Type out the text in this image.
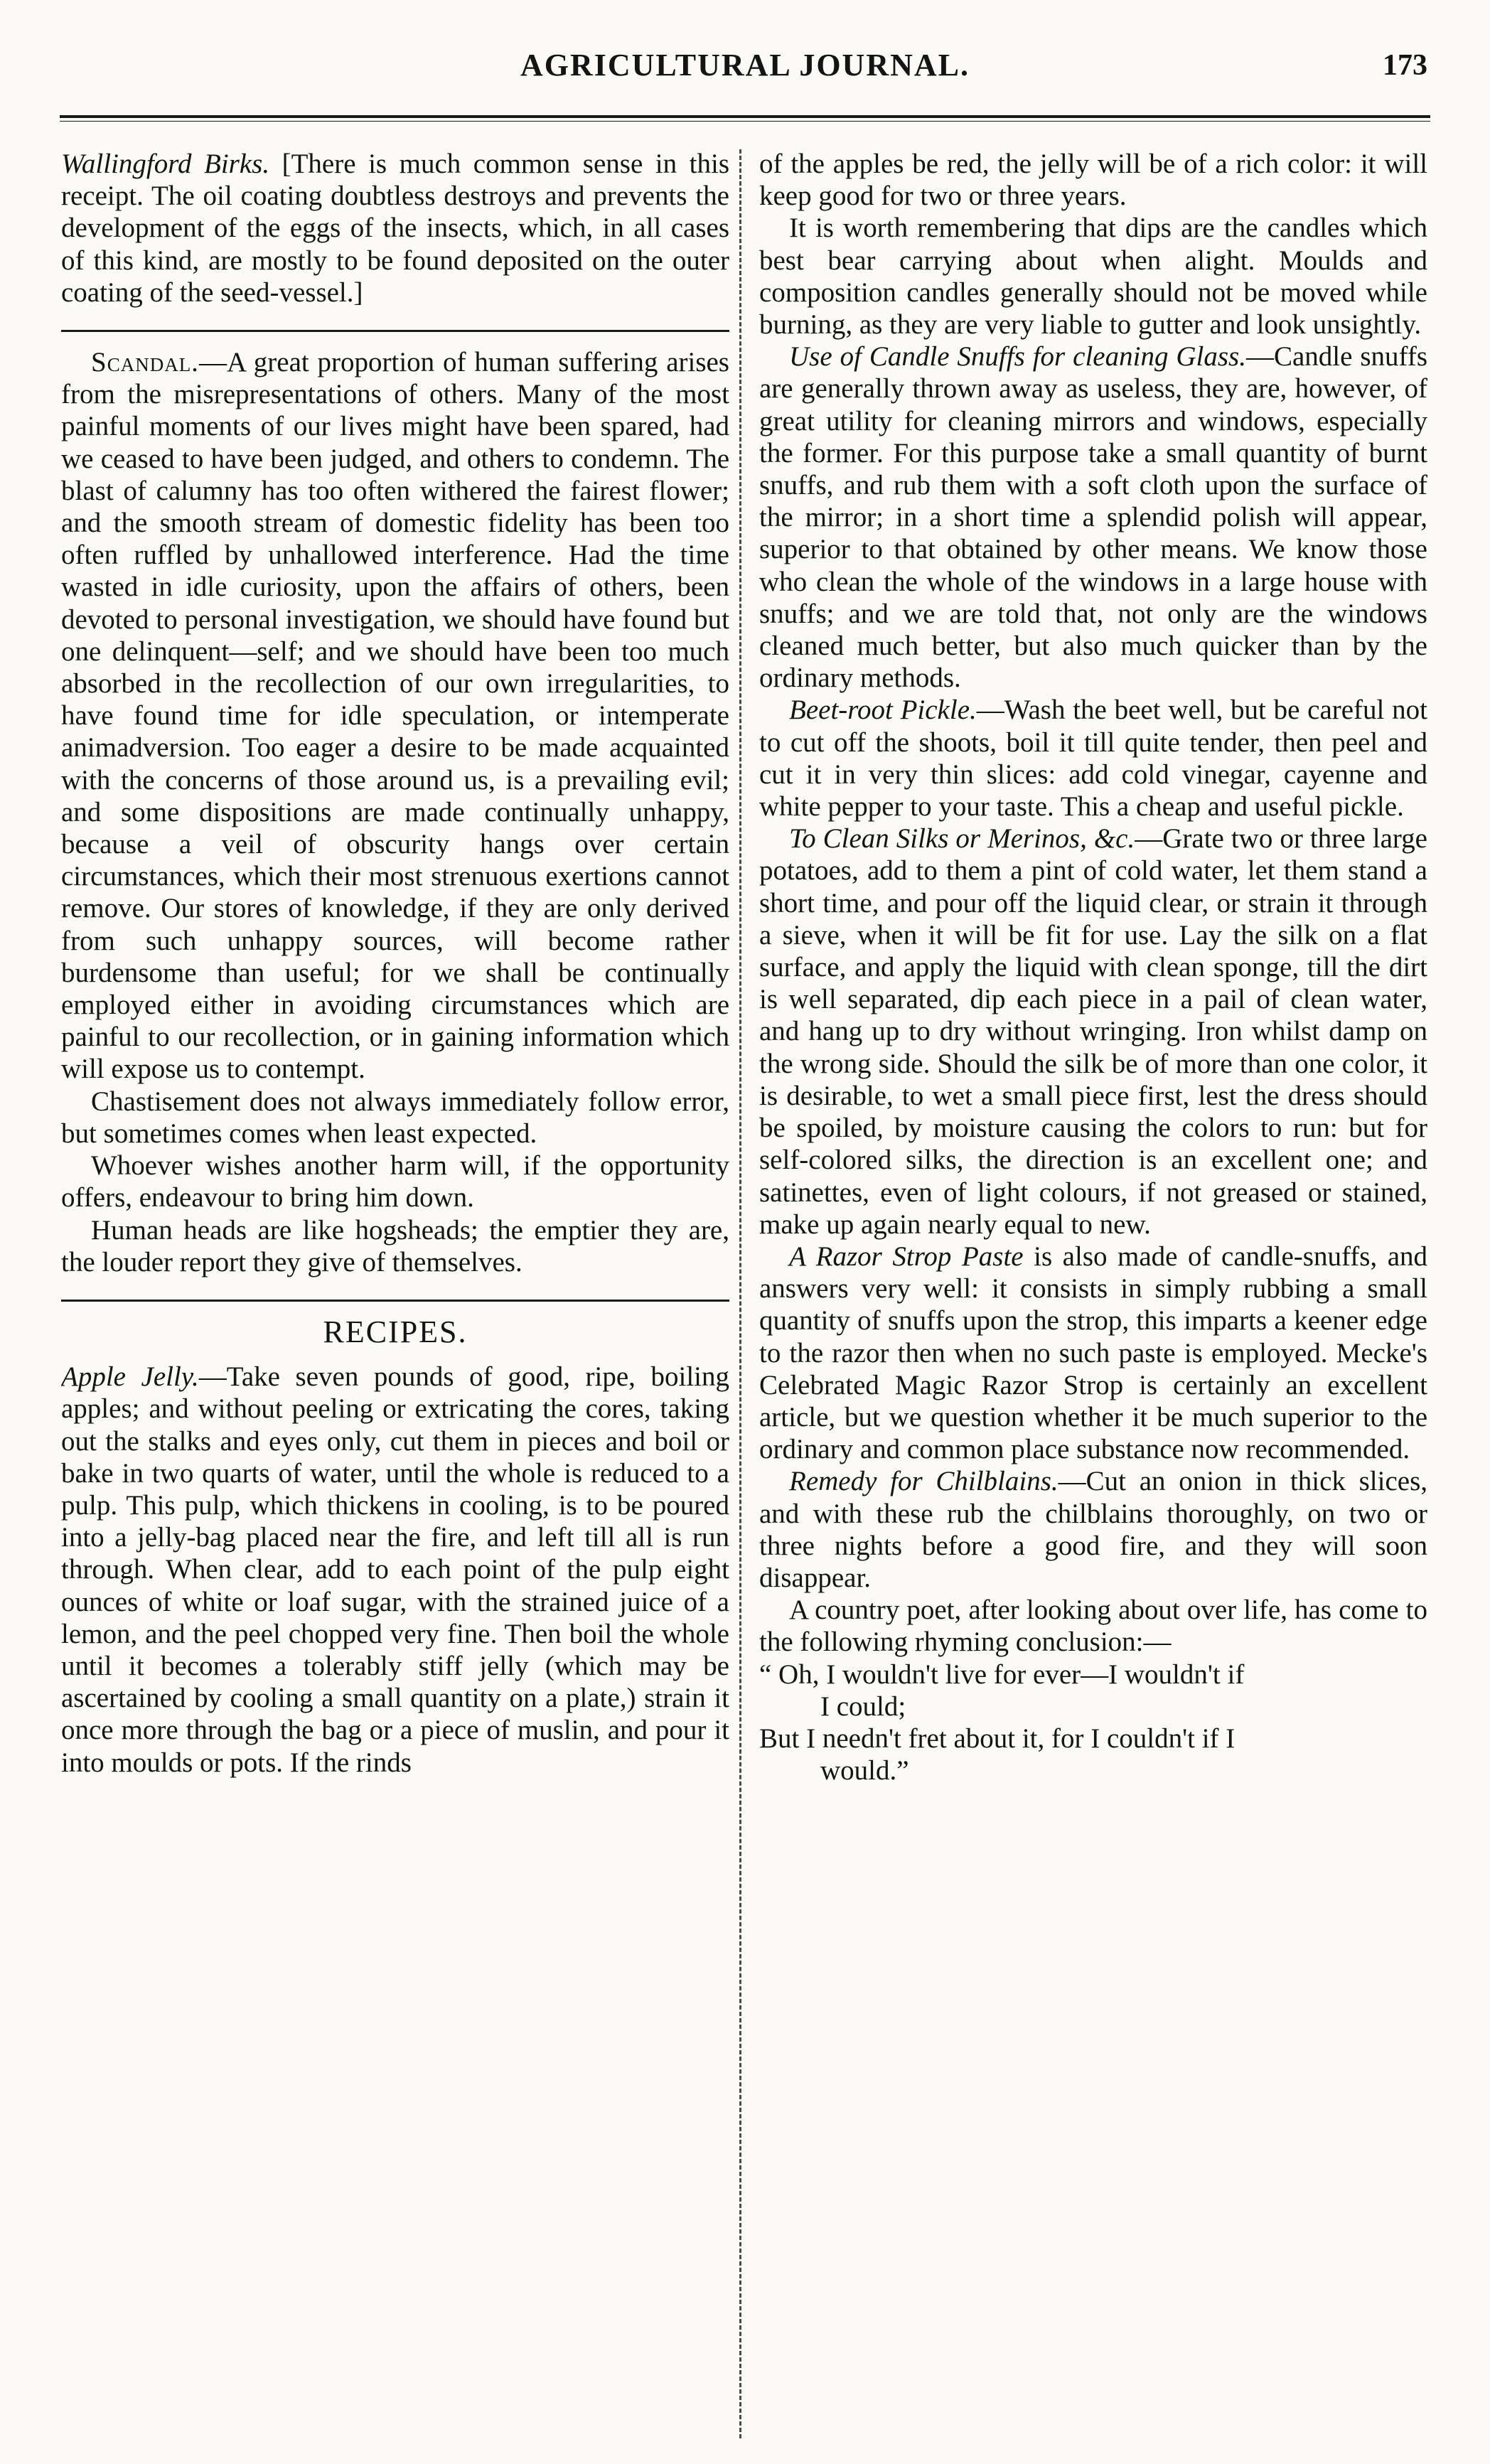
AGRICULTURAL JOURNAL.	173

Wallingford Birks. [There is much common sense in this receipt. The oil coating doubtless destroys and prevents the development of the eggs of the insects, which, in all cases of this kind, are mostly to be found deposited on the outer coating of the seed-vessel.]

Scandal.—A great proportion of human suffering arises from the misrepresentations of others. Many of the most painful moments of our lives might have been spared, had we ceased to have been judged, and others to condemn. The blast of calumny has too often withered the fairest flower; and the smooth stream of domestic fidelity has been too often ruffled by unhallowed interference. Had the time wasted in idle curiosity, upon the affairs of others, been devoted to personal investigation, we should have found but one delinquent—self; and we should have been too much absorbed in the recollection of our own irregularities, to have found time for idle speculation, or intemperate animadversion. Too eager a desire to be made acquainted with the concerns of those around us, is a prevailing evil; and some dispositions are made continually unhappy, because a veil of obscurity hangs over certain circumstances, which their most strenuous exertions cannot remove. Our stores of knowledge, if they are only derived from such unhappy sources, will become rather burdensome than useful; for we shall be continually employed either in avoiding circumstances which are painful to our recollection, or in gaining information which will expose us to contempt.

Chastisement does not always immediately follow error, but sometimes comes when least expected.

Whoever wishes another harm will, if the opportunity offers, endeavour to bring him down.

Human heads are like hogsheads; the emptier they are, the louder report they give of themselves.

RECIPES.

Apple Jelly.—Take seven pounds of good, ripe, boiling apples; and without peeling or extricating the cores, taking out the stalks and eyes only, cut them in pieces and boil or bake in two quarts of water, until the whole is reduced to a pulp. This pulp, which thickens in cooling, is to be poured into a jelly-bag placed near the fire, and left till all is run through. When clear, add to each point of the pulp eight ounces of white or loaf sugar, with the strained juice of a lemon, and the peel chopped very fine. Then boil the whole until it becomes a tolerably stiff jelly (which may be ascertained by cooling a small quantity on a plate,) strain it once more through the bag or a piece of muslin, and pour it into moulds or pots. If the rinds

of the apples be red, the jelly will be of a rich color: it will keep good for two or three years.

It is worth remembering that dips are the candles which best bear carrying about when alight. Moulds and composition candles generally should not be moved while burning, as they are very liable to gutter and look unsightly.

Use of Candle Snuffs for cleaning Glass.—Candle snuffs are generally thrown away as useless, they are, however, of great utility for cleaning mirrors and windows, especially the former. For this purpose take a small quantity of burnt snuffs, and rub them with a soft cloth upon the surface of the mirror; in a short time a splendid polish will appear, superior to that obtained by other means. We know those who clean the whole of the windows in a large house with snuffs; and we are told that, not only are the windows cleaned much better, but also much quicker than by the ordinary methods.

Beet-root Pickle.—Wash the beet well, but be careful not to cut off the shoots, boil it till quite tender, then peel and cut it in very thin slices: add cold vinegar, cayenne and white pepper to your taste. This a cheap and useful pickle.

To Clean Silks or Merinos, &c.—Grate two or three large potatoes, add to them a pint of cold water, let them stand a short time, and pour off the liquid clear, or strain it through a sieve, when it will be fit for use. Lay the silk on a flat surface, and apply the liquid with clean sponge, till the dirt is well separated, dip each piece in a pail of clean water, and hang up to dry without wringing. Iron whilst damp on the wrong side. Should the silk be of more than one color, it is desirable, to wet a small piece first, lest the dress should be spoiled, by moisture causing the colors to run: but for self-colored silks, the direction is an excellent one; and satinettes, even of light colours, if not greased or stained, make up again nearly equal to new.

A Razor Strop Paste is also made of candle-snuffs, and answers very well: it consists in simply rubbing a small quantity of snuffs upon the strop, this imparts a keener edge to the razor then when no such paste is employed. Mecke's Celebrated Magic Razor Strop is certainly an excellent article, but we question whether it be much superior to the ordinary and common place substance now recommended.

Remedy for Chilblains.—Cut an onion in thick slices, and with these rub the chilblains thoroughly, on two or three nights before a good fire, and they will soon disappear.

A country poet, after looking about over life, has come to the following rhyming conclusion:—

“ Oh, I wouldn't live for ever—I wouldn't if

I could;

But I needn't fret about it, for I couldn't if I

would.”
